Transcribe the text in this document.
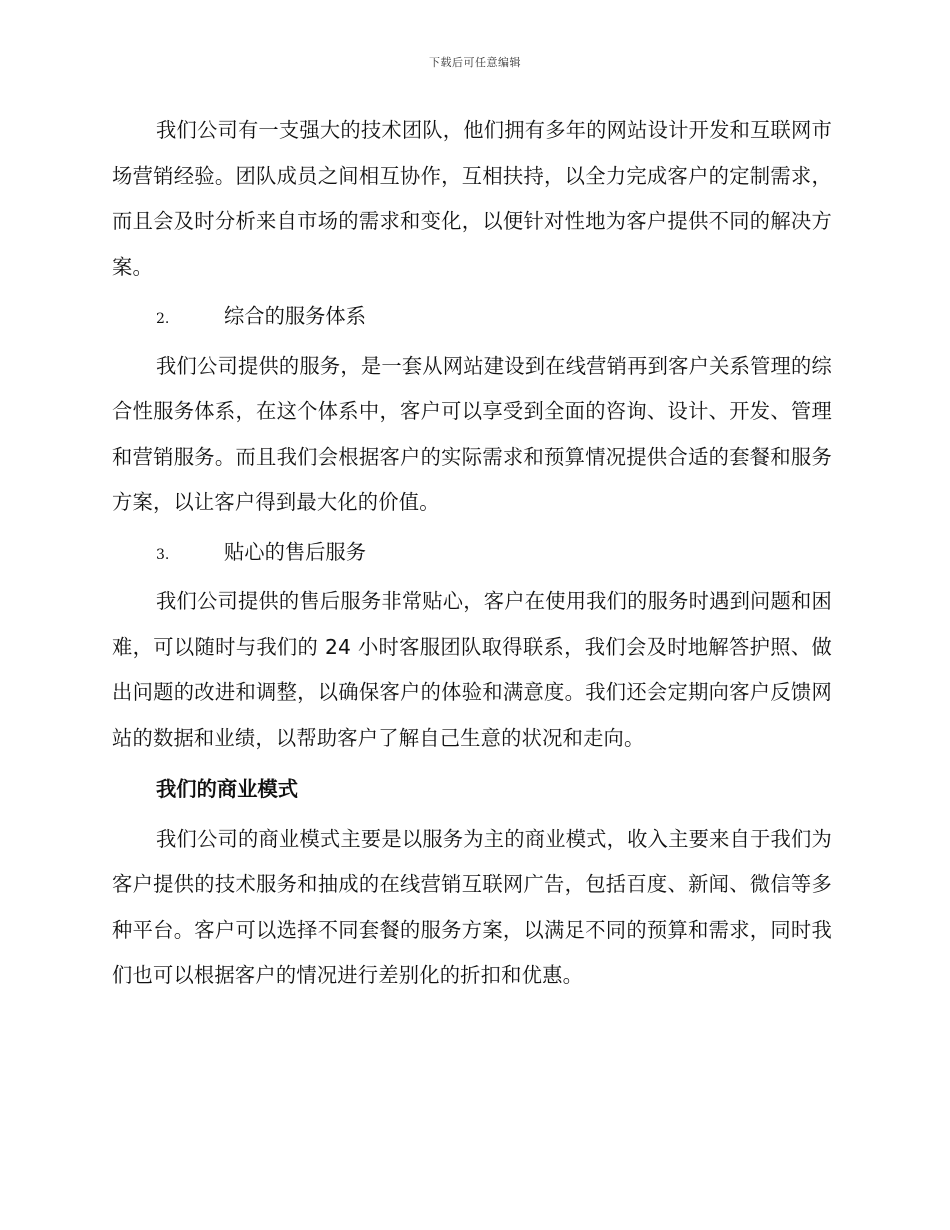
下载后可任意编辑

我们公司有一支强大的技术团队，他们拥有多年的网站设计开发和互联网市场营销经验。团队成员之间相互协作，互相扶持，以全力完成客户的定制需求，而且会及时分析来自市场的需求和变化，以便针对性地为客户提供不同的解决方案。

2.	综合的服务体系

我们公司提供的服务，是一套从网站建设到在线营销再到客户关系管理的综合性服务体系，在这个体系中，客户可以享受到全面的咨询、设计、开发、管理和营销服务。而且我们会根据客户的实际需求和预算情况提供合适的套餐和服务方案，以让客户得到最大化的价值。

3.	贴心的售后服务

我们公司提供的售后服务非常贴心，客户在使用我们的服务时遇到问题和困难，可以随时与我们的 24 小时客服团队取得联系，我们会及时地解答护照、做出问题的改进和调整，以确保客户的体验和满意度。我们还会定期向客户反馈网站的数据和业绩，以帮助客户了解自己生意的状况和走向。

我们的商业模式

我们公司的商业模式主要是以服务为主的商业模式，收入主要来自于我们为客户提供的技术服务和抽成的在线营销互联网广告，包括百度、新闻、微信等多种平台。客户可以选择不同套餐的服务方案，以满足不同的预算和需求，同时我们也可以根据客户的情况进行差别化的折扣和优惠。
